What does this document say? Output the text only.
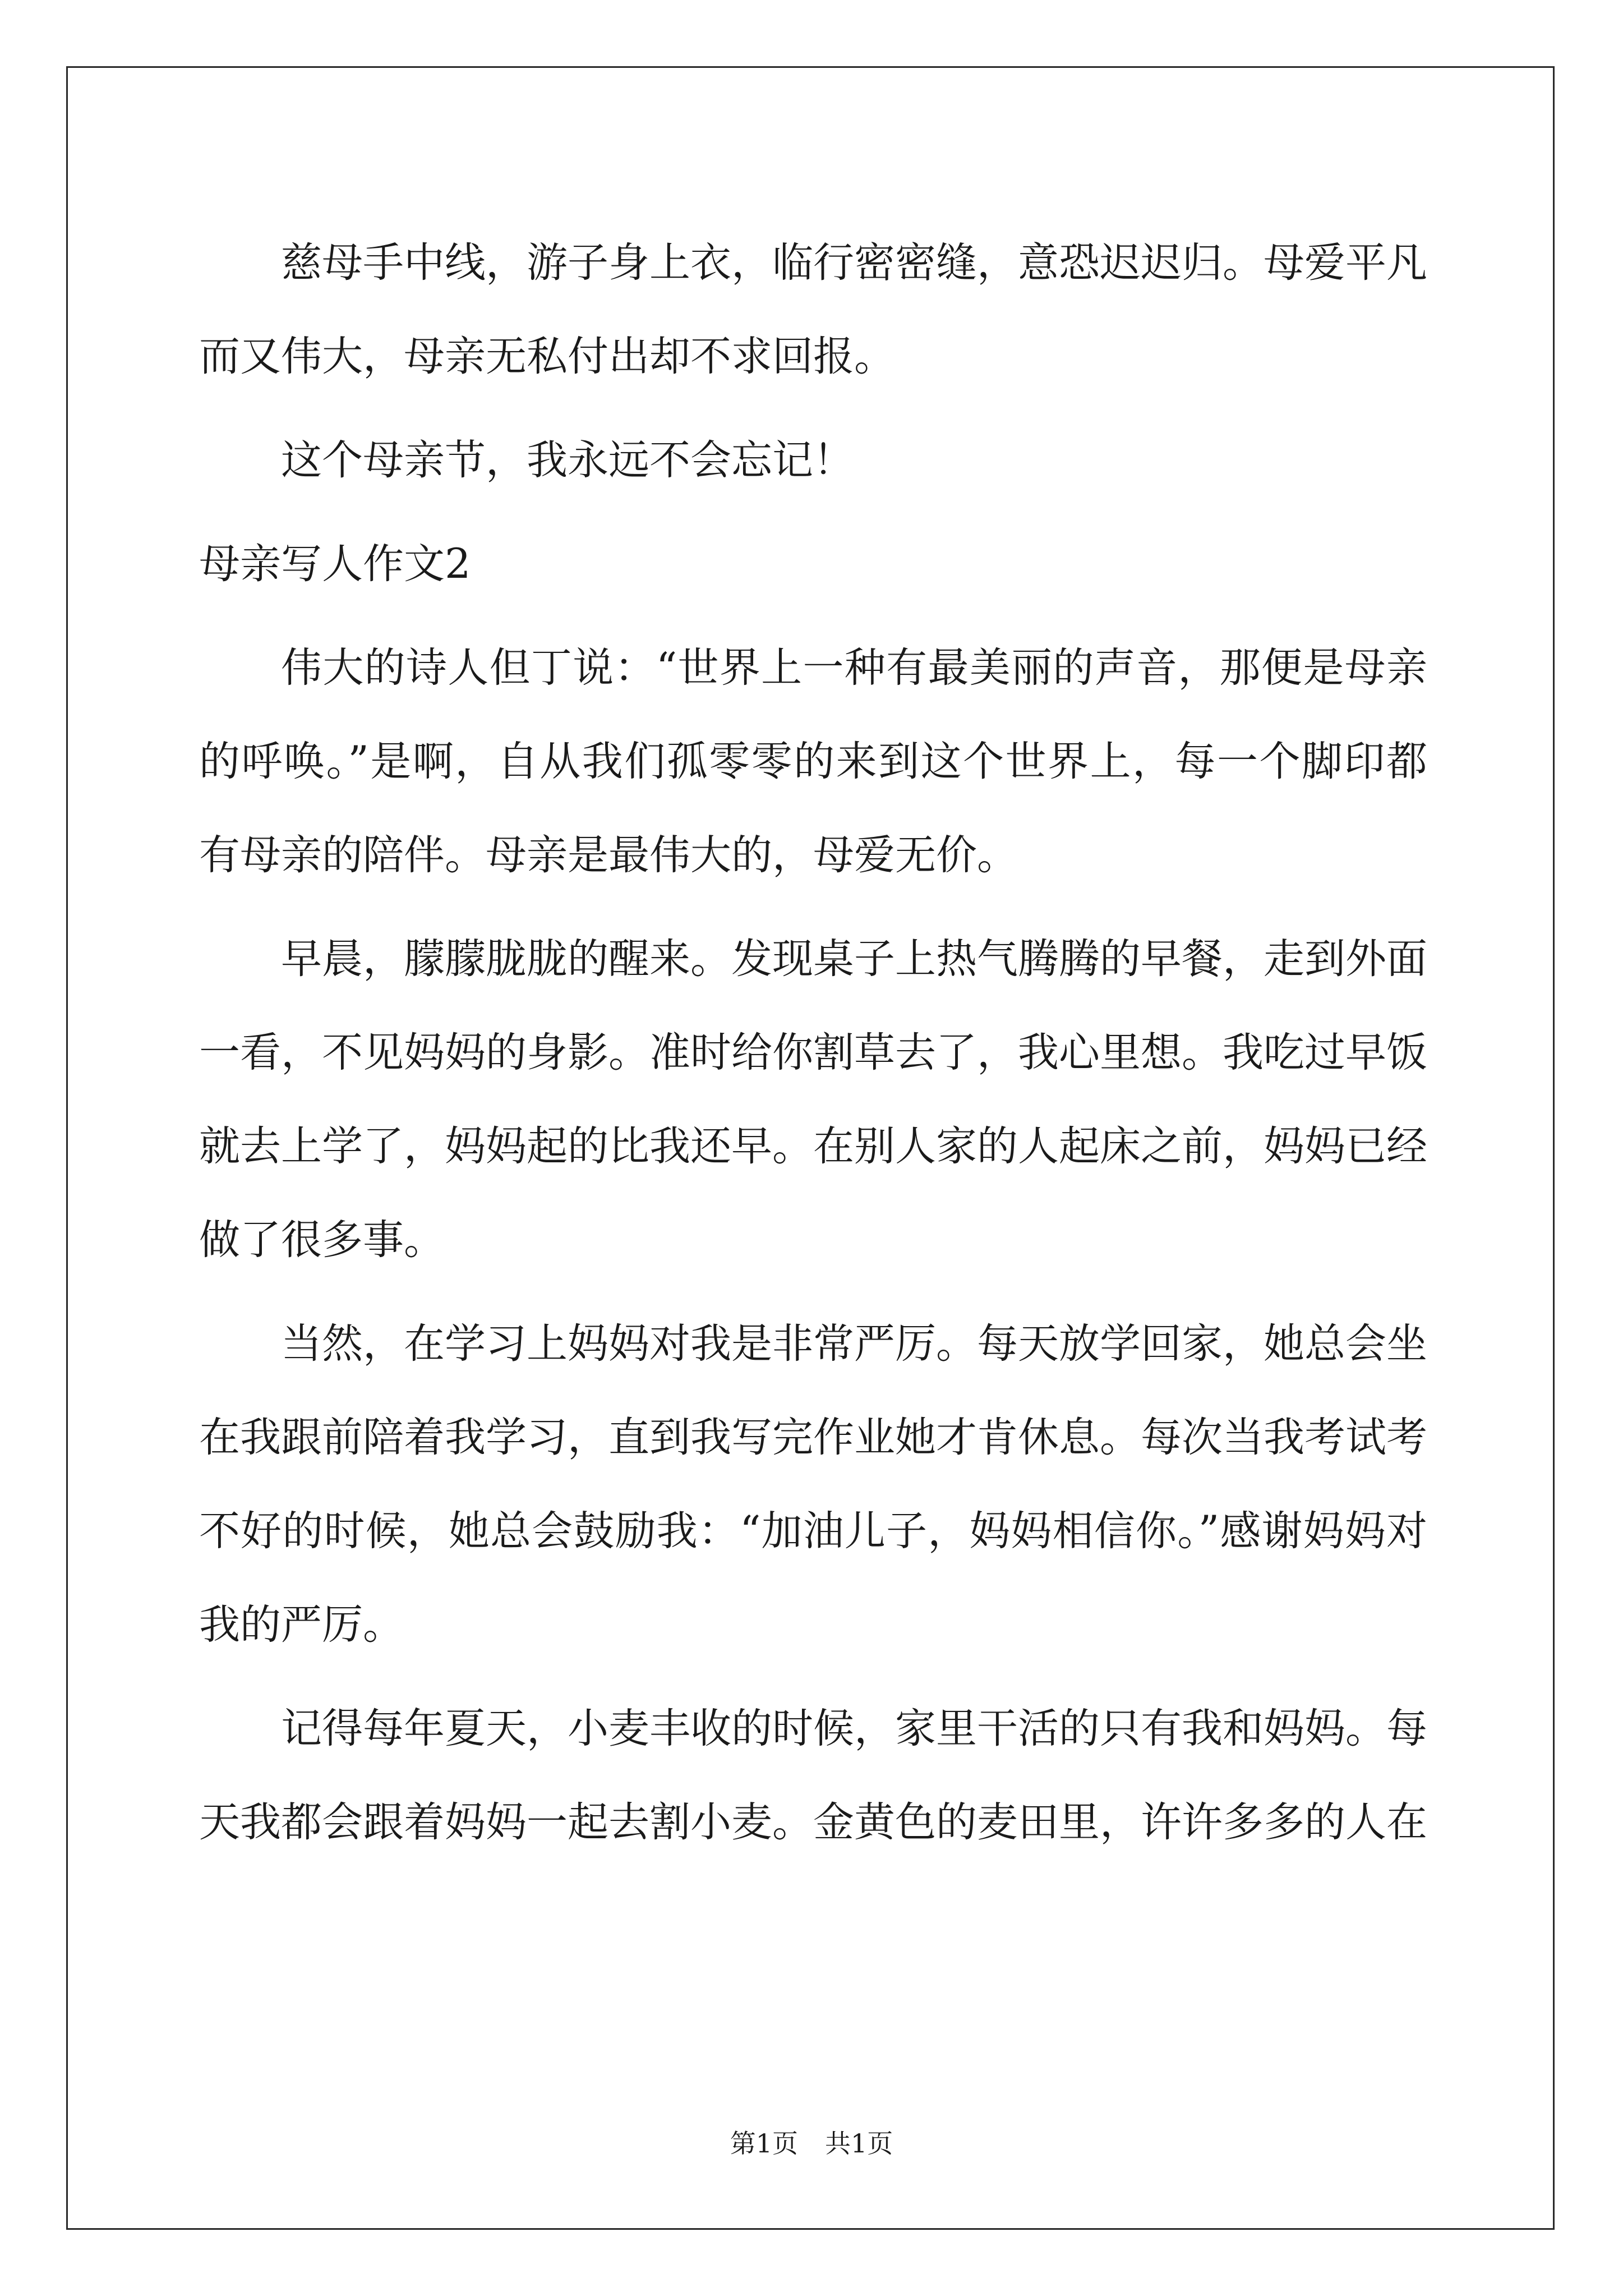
慈母手中线，游子身上衣，临行密密缝，意恐迟迟归。母爱平凡而又伟大，母亲无私付出却不求回报。

这个母亲节，我永远不会忘记！

母亲写人作文2

伟大的诗人但丁说：“世界上一种有最美丽的声音，那便是母亲的呼唤。”是啊，自从我们孤零零的来到这个世界上，每一个脚印都有母亲的陪伴。母亲是最伟大的，母爱无价。

早晨，朦朦胧胧的醒来。发现桌子上热气腾腾的早餐，走到外面一看，不见妈妈的身影。准时给你割草去了，我心里想。我吃过早饭就去上学了，妈妈起的比我还早。在别人家的人起床之前，妈妈已经做了很多事。

当然，在学习上妈妈对我是非常严厉。每天放学回家，她总会坐在我跟前陪着我学习，直到我写完作业她才肯休息。每次当我考试考不好的时候，她总会鼓励我：“加油儿子，妈妈相信你。”感谢妈妈对我的严厉。

记得每年夏天，小麦丰收的时候，家里干活的只有我和妈妈。每天我都会跟着妈妈一起去割小麦。金黄色的麦田里，许许多多的人在

第1页 共1页
